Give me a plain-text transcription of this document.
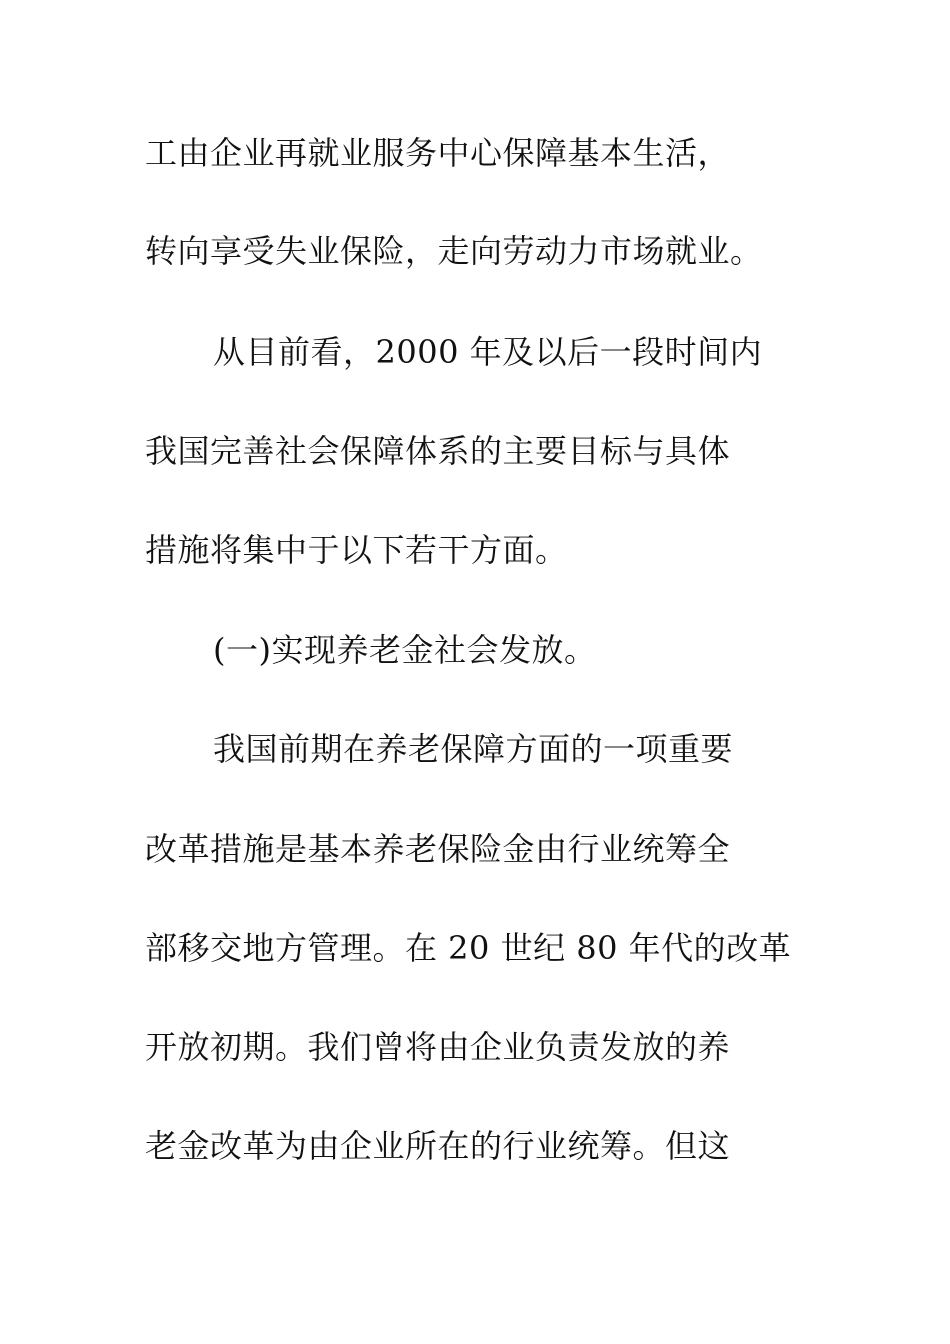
工由企业再就业服务中心保障基本生活，

转向享受失业保险，走向劳动力市场就业。

从目前看，2000 年及以后一段时间内

我国完善社会保障体系的主要目标与具体

措施将集中于以下若干方面。

(一)实现养老金社会发放。

我国前期在养老保障方面的一项重要

改革措施是基本养老保险金由行业统筹全

部移交地方管理。在 20 世纪 80 年代的改革

开放初期。我们曾将由企业负责发放的养

老金改革为由企业所在的行业统筹。但这
